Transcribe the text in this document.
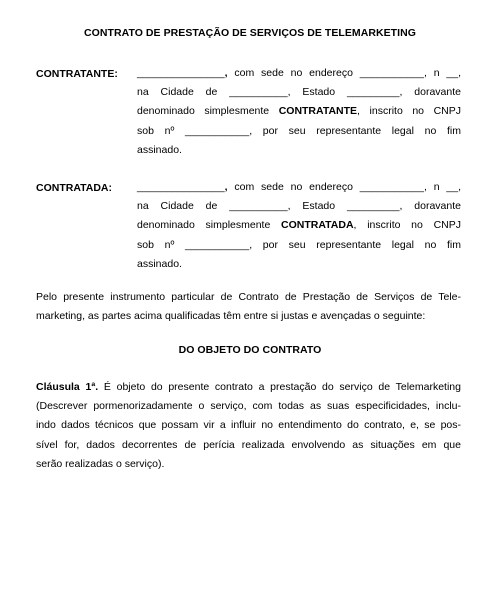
CONTRATO DE PRESTAÇÃO DE SERVIÇOS DE TELEMARKETING
CONTRATANTE: _______________, com sede no endereço ___________, n __,
na Cidade de __________, Estado _________, doravante
denominado simplesmente CONTRATANTE, inscrito no CNPJ
sob nº ___________, por seu representante legal no fim
assinado.
CONTRATADA: _______________, com sede no endereço ___________, n __,
na Cidade de __________, Estado _________, doravante
denominado simplesmente CONTRATADA, inscrito no CNPJ
sob nº ___________, por seu representante legal no fim
assinado.
Pelo presente instrumento particular de Contrato de Prestação de Serviços de Tele-
marketing, as partes acima qualificadas têm entre si justas e avençadas o seguinte:
DO OBJETO DO CONTRATO
Cláusula 1ª. É objeto do presente contrato a prestação do serviço de Telemarketing
(Descrever pormenorizadamente o serviço, com todas as suas especificidades, inclu-
indo dados técnicos que possam vir a influir no entendimento do contrato, e, se pos-
sível for, dados decorrentes de perícia realizada envolvendo as situações em que
serão realizadas o serviço).
